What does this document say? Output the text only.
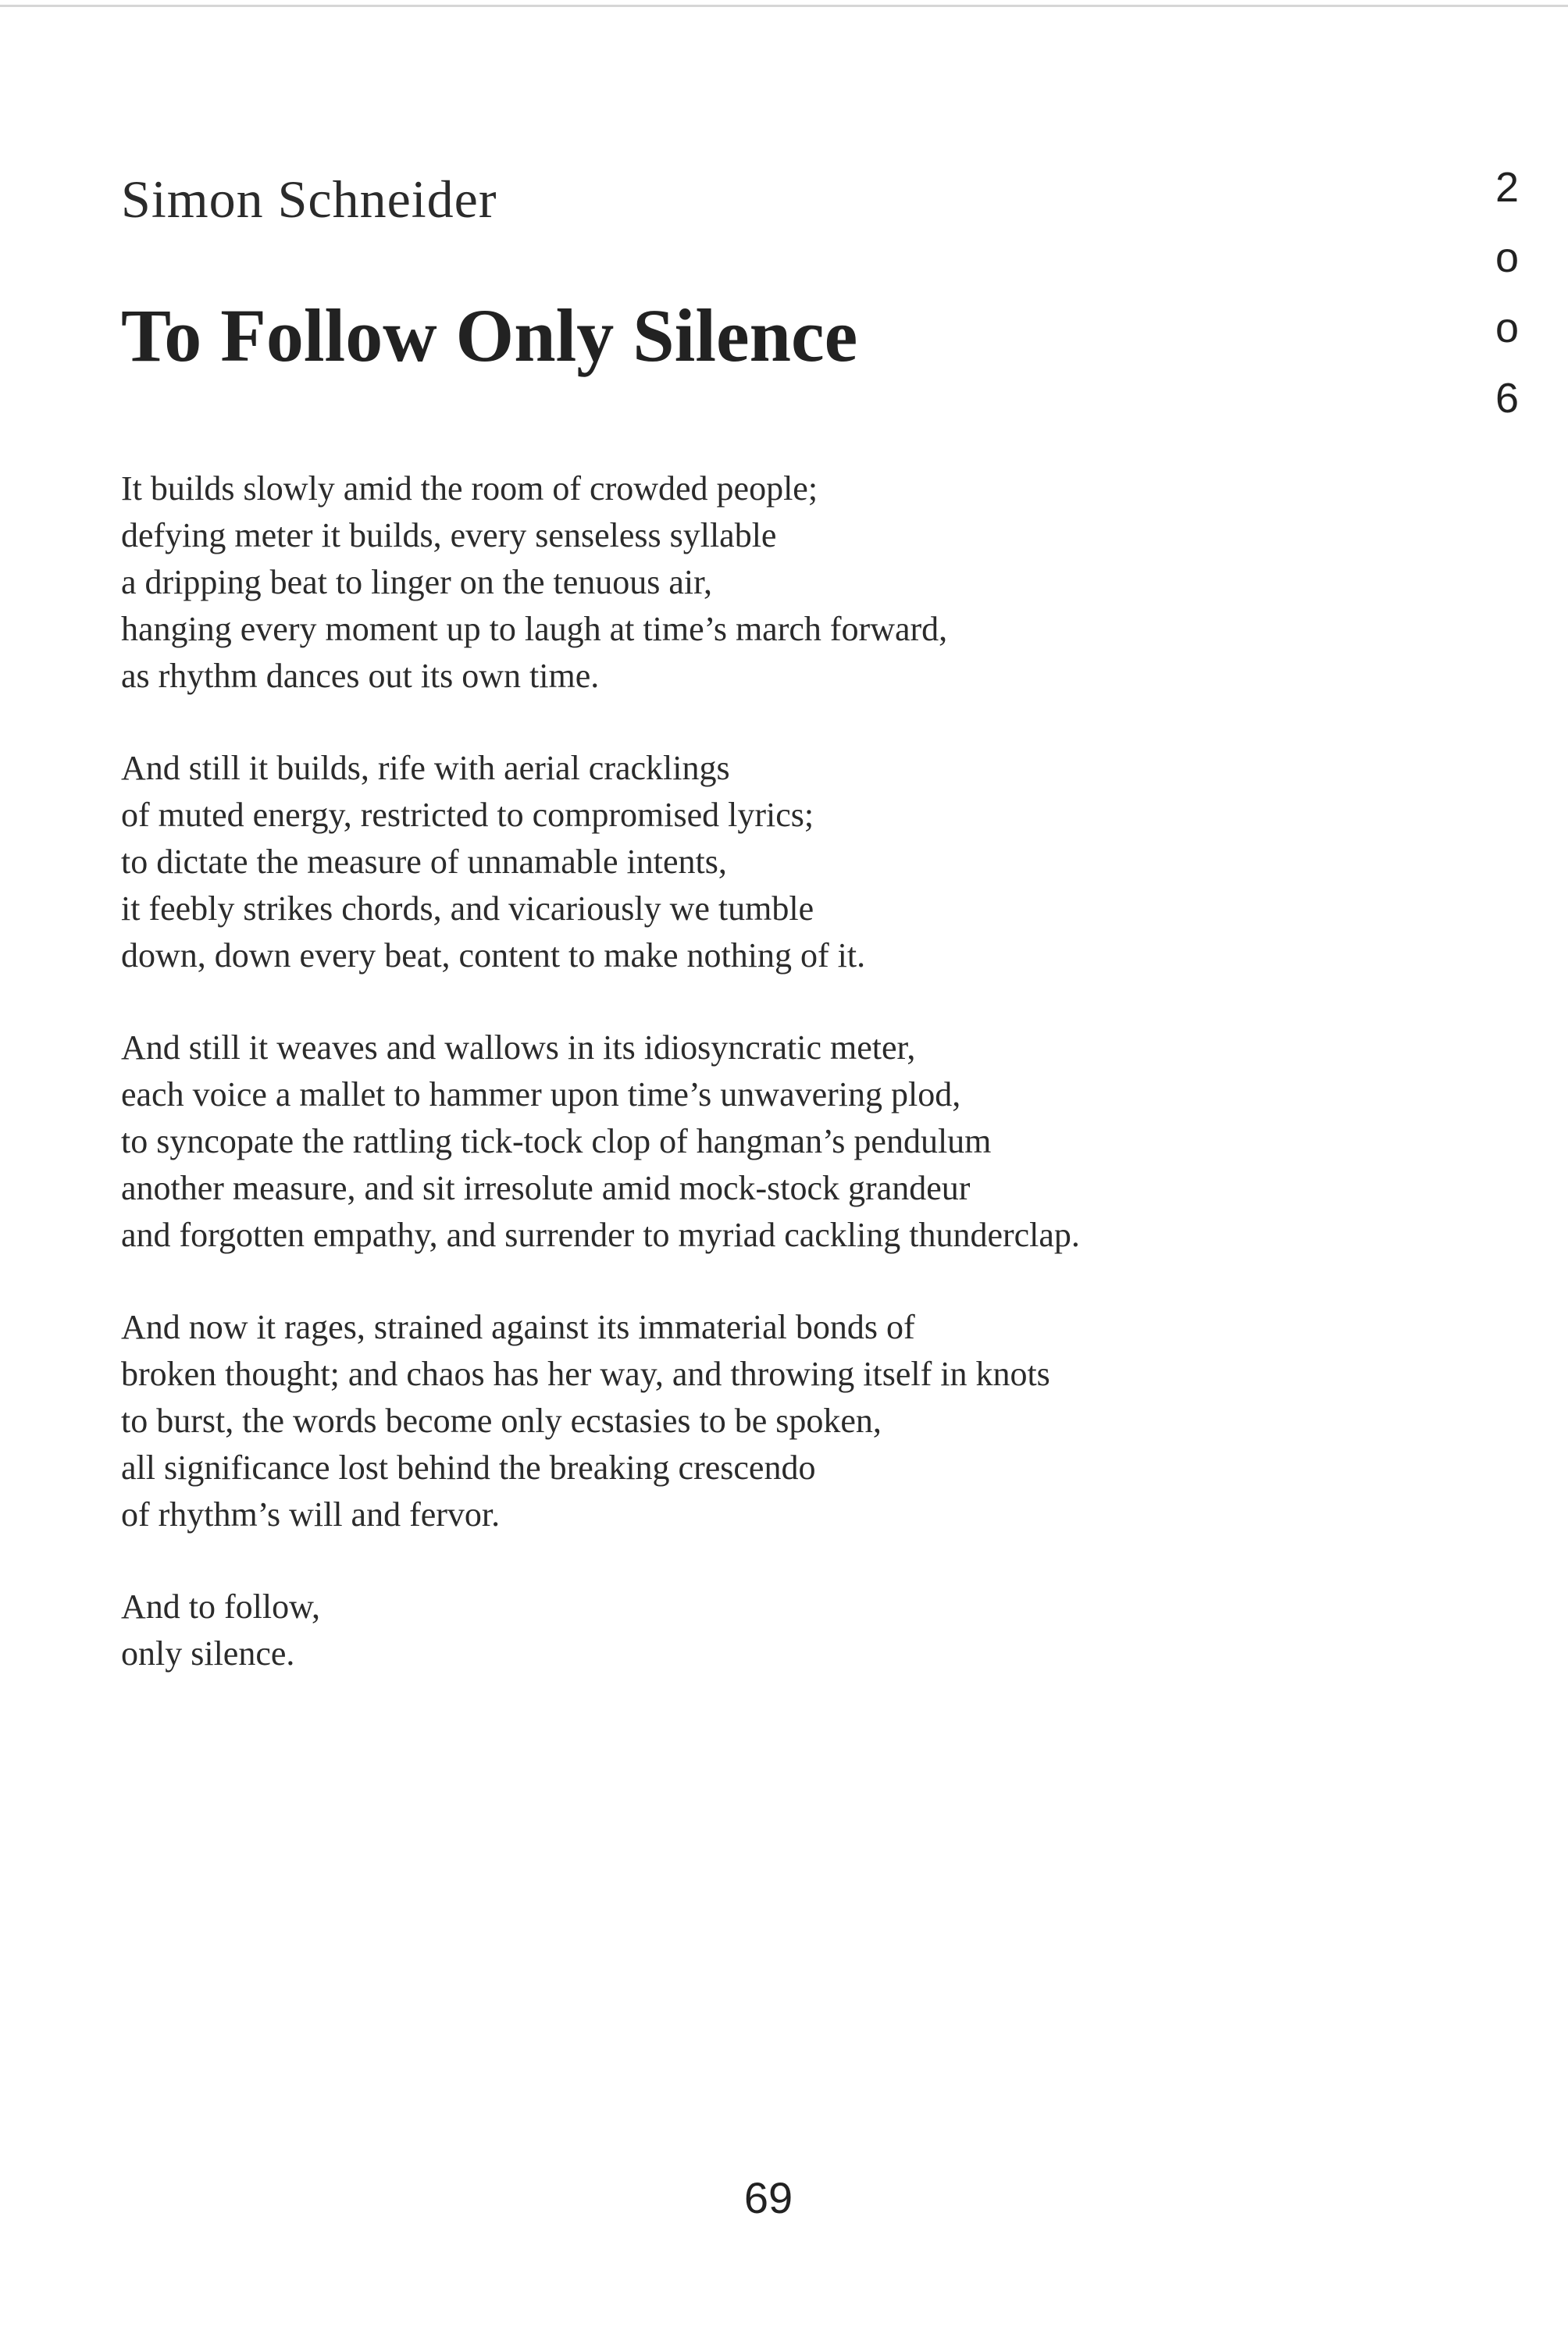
Simon Schneider
To Follow Only Silence
It builds slowly amid the room of crowded people;
defying meter it builds, every senseless syllable
a dripping beat to linger on the tenuous air,
hanging every moment up to laugh at time’s march forward,
as rhythm dances out its own time.
And still it builds, rife with aerial cracklings
of muted energy, restricted to compromised lyrics;
to dictate the measure of unnamable intents,
it feebly strikes chords, and vicariously we tumble
down, down every beat, content to make nothing of it.
And still it weaves and wallows in its idiosyncratic meter,
each voice a mallet to hammer upon time’s unwavering plod,
to syncopate the rattling tick-tock clop of hangman’s pendulum
another measure, and sit irresolute amid mock-stock grandeur
and forgotten empathy, and surrender to myriad cackling thunderclap.
And now it rages, strained against its immaterial bonds of
broken thought; and chaos has her way, and throwing itself in knots
to burst, the words become only ecstasies to be spoken,
all significance lost behind the breaking crescendo
of rhythm’s will and fervor.
And to follow,
only silence.
2
o
o
6
69
